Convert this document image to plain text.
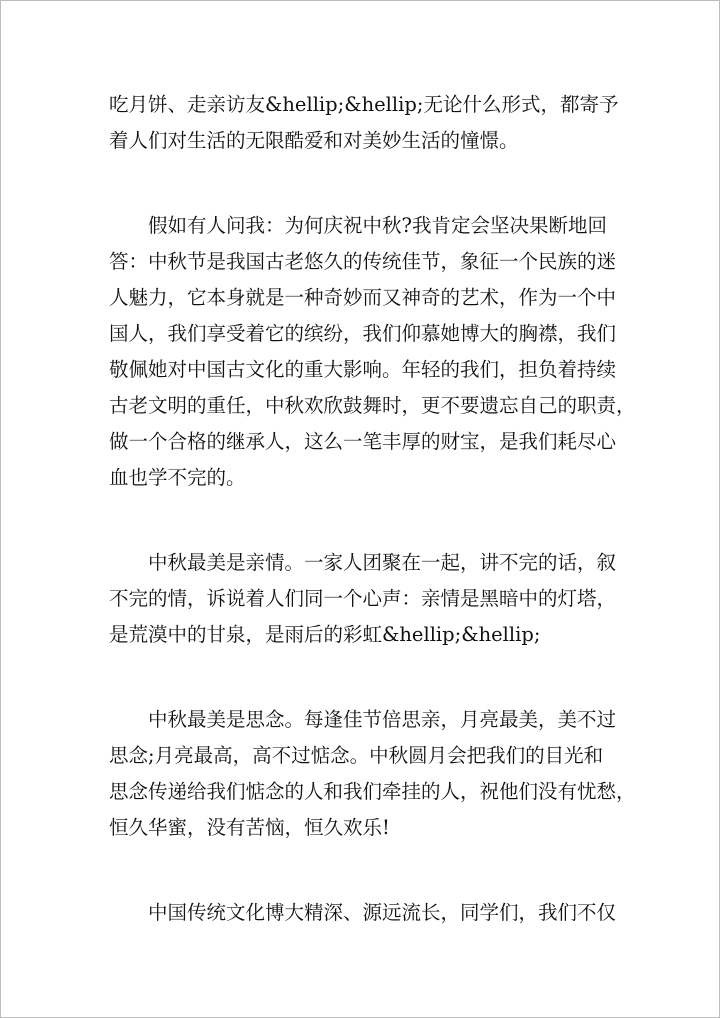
吃月饼、走亲访友&hellip;&hellip;无论什么形式，都寄予
着人们对生活的无限酷爱和对美妙生活的憧憬。

　　假如有人问我：为何庆祝中秋?我肯定会坚决果断地回
答：中秋节是我国古老悠久的传统佳节，象征一个民族的迷
人魅力，它本身就是一种奇妙而又神奇的艺术，作为一个中
国人，我们享受着它的缤纷，我们仰慕她博大的胸襟，我们
敬佩她对中国古文化的重大影响。年轻的我们，担负着持续
古老文明的重任，中秋欢欣鼓舞时，更不要遗忘自己的职责，
做一个合格的继承人，这么一笔丰厚的财宝，是我们耗尽心
血也学不完的。

　　中秋最美是亲情。一家人团聚在一起，讲不完的话，叙
不完的情，诉说着人们同一个心声：亲情是黑暗中的灯塔，
是荒漠中的甘泉，是雨后的彩虹&hellip;&hellip;

　　中秋最美是思念。每逢佳节倍思亲，月亮最美，美不过
思念;月亮最高，高不过惦念。中秋圆月会把我们的目光和
思念传递给我们惦念的人和我们牵挂的人，祝他们没有忧愁，
恒久华蜜，没有苦恼，恒久欢乐!

　　中国传统文化博大精深、源远流长，同学们，我们不仅
